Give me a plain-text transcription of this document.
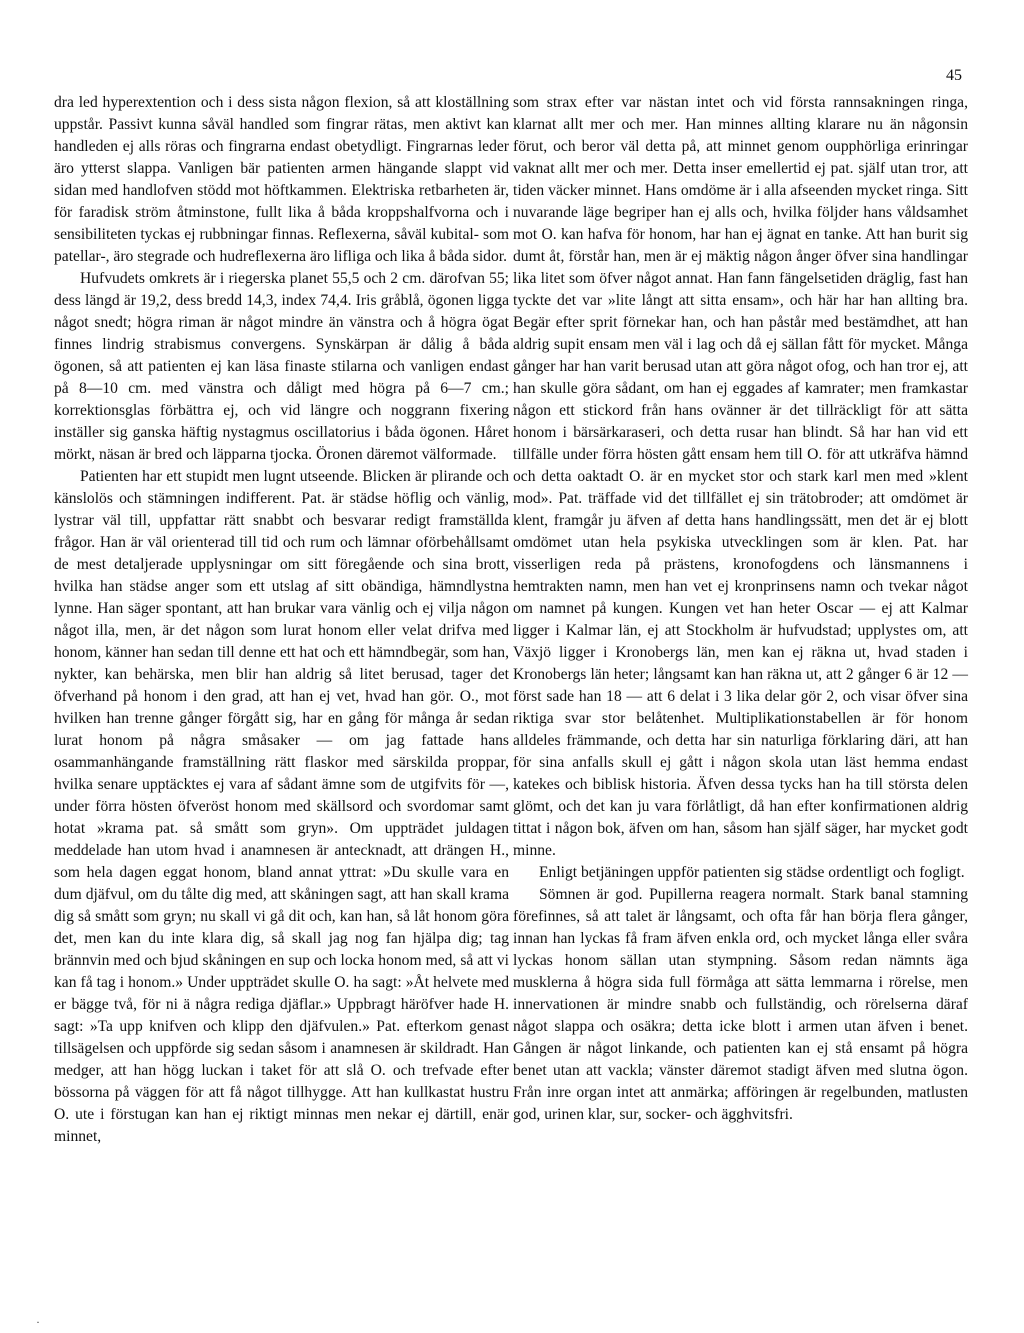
45

dra led hyperextention och i dess sista någon flexion, så att kloställning uppstår. Passivt kunna såväl handled som fingrar rätas, men aktivt kan handleden ej alls röras och fingrarna endast obetydligt. Fingrarnas leder äro ytterst slappa. Vanligen bär patienten armen hängande slappt vid sidan med handlofven stödd mot höftkammen. Elektriska retbarheten är, för faradisk ström åtminstone, fullt lika å båda kroppshalfvorna och i sensibiliteten tyckas ej rubbningar finnas. Reflexerna, såväl kubital- som patellar-, äro stegrade och hudreflexerna äro lifliga och lika å båda sidor.

Hufvudets omkrets är i riegerska planet 55,5 och 2 cm. därofvan 55; dess längd är 19,2, dess bredd 14,3, index 74,4. Iris gråblå, ögonen ligga något snedt; högra riman är något mindre än vänstra och å högra ögat finnes lindrig strabismus convergens. Synskärpan är dålig å båda ögonen, så att patienten ej kan läsa finaste stilarna och vanligen endast på 8—10 cm. med vänstra och dåligt med högra på 6—7 cm.; korrektionsglas förbättra ej, och vid längre och noggrann fixering inställer sig ganska häftig nystagmus oscillatorius i båda ögonen. Håret mörkt, näsan är bred och läpparna tjocka. Öronen däremot välformade.

Patienten har ett stupidt men lugnt utseende. Blicken är plirande och känslolös och stämningen indifferent. Pat. är städse höflig och vänlig, lystrar väl till, uppfattar rätt snabbt och besvarar redigt framställda frågor. Han är väl orienterad till tid och rum och lämnar oförbehållsamt de mest detaljerade upplysningar om sitt föregående och sina brott, hvilka han städse anger som ett utslag af sitt obändiga, hämndlystna lynne. Han säger spontant, att han brukar vara vänlig och ej vilja någon något illa, men, är det någon som lurat honom eller velat drifva med honom, känner han sedan till denne ett hat och ett hämndbegär, som han, nykter, kan behärska, men blir han aldrig så litet berusad, tager det öfverhand på honom i den grad, att han ej vet, hvad han gör. O., mot hvilken han trenne gånger förgått sig, har en gång för många år sedan lurat honom på några småsaker — om jag fattade hans osammanhängande framställning rätt flaskor med särskilda proppar, hvilka senare upptäcktes ej vara af sådant ämne som de utgifvits för —, under förra hösten öfveröst honom med skällsord och svordomar samt hotat »krama pat. så smått som gryn». Om uppträdet juldagen meddelade han utom hvad i anamnesen är antecknadt, att drängen H., som hela dagen eggat honom, bland annat yttrat: »Du skulle vara en dum djäfvul, om du tålte dig med, att skåningen sagt, att han skall krama dig så smått som gryn; nu skall vi gå dit och, kan han, så låt honom göra det, men kan du inte klara dig, så skall jag nog fan hjälpa dig; tag brännvin med och bjud skåningen en sup och locka honom med, så att vi kan få tag i honom.» Under uppträdet skulle O. ha sagt: »Åt helvete med er bägge två, för ni ä några rediga djäflar.» Uppbragt häröfver hade H. sagt: »Ta upp knifven och klipp den djäfvulen.» Pat. efterkom genast tillsägelsen och uppförde sig sedan såsom i anamnesen är skildradt. Han medger, att han högg luckan i taket för att slå O. och trefvade efter bössorna på väggen för att få något tillhygge. Att han kullkastat hustru O. ute i förstugan kan han ej riktigt minnas men nekar ej därtill, enär minnet,

som strax efter var nästan intet och vid första rannsakningen ringa, klarnat allt mer och mer. Han minnes allting klarare nu än någonsin förut, och beror väl detta på, att minnet genom oupphörliga erinringar vaknat allt mer och mer. Detta inser emellertid ej pat. själf utan tror, att tiden väcker minnet. Hans omdöme är i alla afseenden mycket ringa. Sitt nuvarande läge begriper han ej alls och, hvilka följder hans våldsamhet mot O. kan hafva för honom, har han ej ägnat en tanke. Att han burit sig dumt åt, förstår han, men är ej mäktig någon ånger öfver sina handlingar lika litet som öfver något annat. Han fann fängelsetiden dräglig, fast han tyckte det var »lite långt att sitta ensam», och här har han allting bra. Begär efter sprit förnekar han, och han påstår med bestämdhet, att han aldrig supit ensam men väl i lag och då ej sällan fått för mycket. Många gånger har han varit berusad utan att göra något ofog, och han tror ej, att han skulle göra sådant, om han ej eggades af kamrater; men framkastar någon ett stickord från hans ovänner är det tillräckligt för att sätta honom i bärsärkaraseri, och detta rusar han blindt. Så har han vid ett tillfälle under förra hösten gått ensam hem till O. för att utkräfva hämnd och detta oaktadt O. är en mycket stor och stark karl men med »klent mod». Pat. träffade vid det tillfället ej sin trätobroder; att omdömet är klent, framgår ju äfven af detta hans handlingssätt, men det är ej blott omdömet utan hela psykiska utvecklingen som är klen. Pat. har visserligen reda på prästens, kronofogdens och länsmannens i hemtrakten namn, men han vet ej kronprinsens namn och tvekar något om namnet på kungen. Kungen vet han heter Oscar — ej att Kalmar ligger i Kalmar län, ej att Stockholm är hufvudstad; upplystes om, att Växjö ligger i Kronobergs län, men kan ej räkna ut, hvad staden i Kronobergs län heter; långsamt kan han räkna ut, att 2 gånger 6 är 12 — först sade han 18 — att 6 delat i 3 lika delar gör 2, och visar öfver sina riktiga svar stor belåtenhet. Multiplikationstabellen är för honom alldeles främmande, och detta har sin naturliga förklaring däri, att han för sina anfalls skull ej gått i någon skola utan läst hemma endast katekes och biblisk historia. Äfven dessa tycks han ha till största delen glömt, och det kan ju vara förlåtligt, då han efter konfirmationen aldrig tittat i någon bok, äfven om han, såsom han själf säger, har mycket godt minne.

Enligt betjäningen uppför patienten sig städse ordentligt och fogligt.

Sömnen är god. Pupillerna reagera normalt. Stark banal stamning förefinnes, så att talet är långsamt, och ofta får han börja flera gånger, innan han lyckas få fram äfven enkla ord, och mycket långa eller svåra lyckas honom sällan utan stympning. Såsom redan nämnts äga musklerna å högra sida full förmåga att sätta lemmarna i rörelse, men innervationen är mindre snabb och fullständig, och rörelserna däraf något slappa och osäkra; detta icke blott i armen utan äfven i benet. Gången är något linkande, och patienten kan ej stå ensamt på högra benet utan att vackla; vänster däremot stadigt äfven med slutna ögon. Från inre organ intet att anmärka; afföringen är regelbunden, matlusten god, urinen klar, sur, socker- och ägghvitsfri.

·
